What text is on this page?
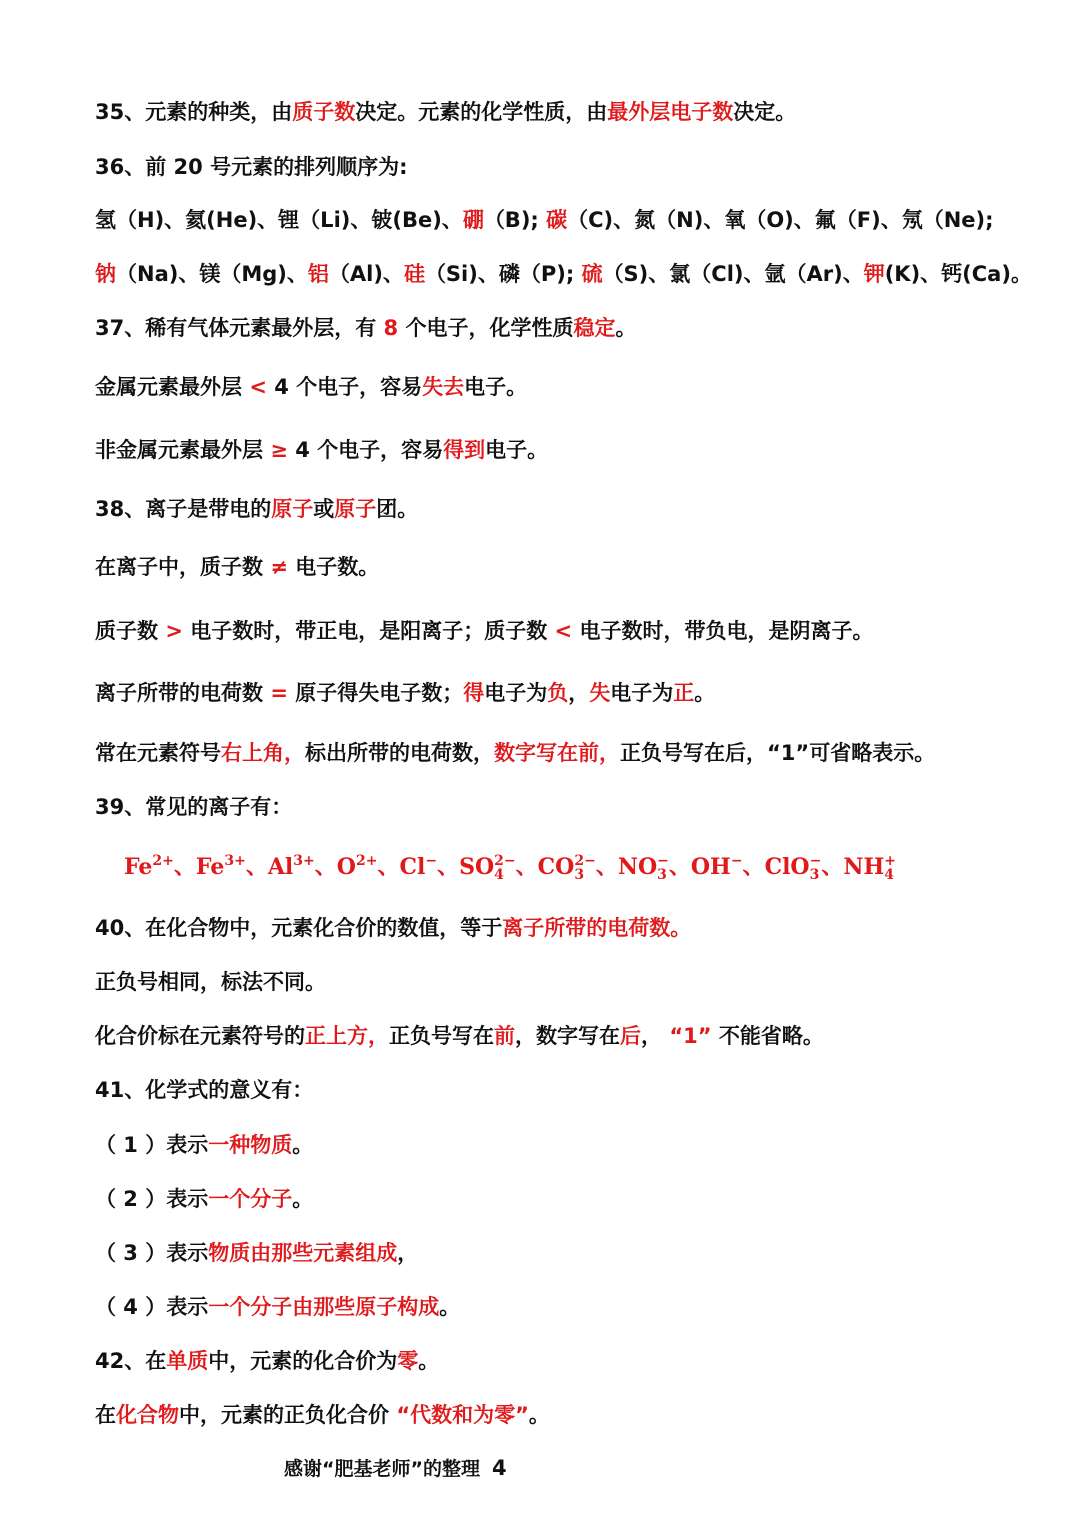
35、元素的种类，由质子数决定。元素的化学性质，由最外层电子数决定。
36、前 20 号元素的排列顺序为:
氢（H)、氦(He)、锂（Li)、铍(Be)、硼（B); 碳（C)、氮（N)、氧（O)、氟（F)、氖（Ne);
钠（Na)、镁（Mg)、铝（Al)、硅（Si)、磷（P); 硫（S)、氯（Cl)、氩（Ar)、钾(K)、钙(Ca)。
37、稀有气体元素最外层，有 8 个电子，化学性质稳定。
金属元素最外层 < 4 个电子，容易失去电子。
非金属元素最外层 ≥ 4 个电子，容易得到电子。
38、离子是带电的原子或原子团。
在离子中，质子数 ≠ 电子数。
质子数 > 电子数时，带正电，是阳离子；质子数 < 电子数时，带负电，是阴离子。
离子所带的电荷数 = 原子得失电子数；得电子为负，失电子为正。
常在元素符号右上角，标出所带的电荷数，数字写在前，正负号写在后，“1”可省略表示。
39、常见的离子有：
40、在化合物中，元素化合价的数值，等于离子所带的电荷数。
正负号相同，标法不同。
化合价标在元素符号的正上方，正负号写在前，数字写在后， “1” 不能省略。
41、化学式的意义有：
（ 1 ）表示一种物质。
（ 2 ）表示一个分子。
（ 3 ）表示物质由那些元素组成，
（ 4 ）表示一个分子由那些原子构成。
42、在单质中，元素的化合价为零。
在化合物中，元素的正负化合价 “代数和为零”。
Fe 2+
、Fe 3+
、Al 3+
、O 2+
、Cl −
、SO 2−
4 、CO 2−
3 、NO −
3 、OH −
、ClO −
3 、NH +
4
感谢“肥基老师”的整理 4
